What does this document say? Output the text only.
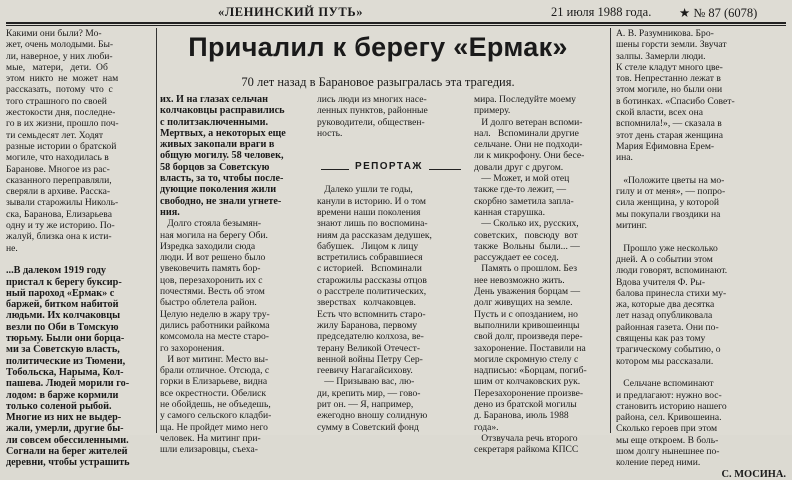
«ЛЕНИНСКИЙ ПУТЬ»	21 июля 1988 года. ★ № 87 (6078)

Какими они были? Мо-

жет, очень молодыми. Бы-

ли, наверное, у них люби-

мые,   матери,   дети.  Об

этом  никто  не  может  нам

рассказать,  потому  что  с

того страшного по своей

жестокости дня, последне-

го в их жизни, прошло поч-

ти семьдесят лет. Ходят

разные истории о братской

могиле, что находилась в

Баранове. Многое из рас-

сказанного переправляли,

сверяли в архиве. Расска-

зывали старожилы Николь-

ска, Баранова, Елизарьева

одну и ту же историю. По-

жалуй, близка она к исти-

не.

...В далеком 1919 году

пристал к берегу буксир-

ный пароход «Ермак» с

баржей, битком набитой

людьми. Их колчаковцы

везли по Оби в Томскую

тюрьму. Были они борца-

ми за Советскую власть,

политические из Тюмени,

Тобольска, Нарыма, Кол-

пашева. Людей морили го-

лодом: в барже кормили

только соленой рыбой.

Многие из них не выдер-

жали, умерли, другие бы-

ли совсем обессиленными.

Согнали на берег жителей

деревни, чтобы устрашить

Причалил к берегу «Ермак»
70 лет назад в Барановое разыгралась эта трагедия.

их. И на глазах сельчан

колчаковцы расправились

с политзаключенными.

Мертвых, а некоторых еще

живых закопали враги в

общую могилу. 58 человек,

58 борцов за Советскую

власть, за то, чтобы после-

дующие поколения жили

свободно, не знали угнете-

ния.

Долго стояла безымян-

ная могила на берегу Оби.

Изредка заходили сюда

люди. И вот решено было

увековечить память бор-

цов, перезахоронить их с

почестями. Весть об этом

быстро облетела район.

Целую неделю в жару тру-

дились работники райкома

комсомола на месте старо-

го захоронения.

И вот митинг. Место вы-

брали отличное. Отсюда, с

горки в Елизарьеве, видна

все окрестности. Обелиск

не обойдешь, не объедешь,

у самого сельского кладби-

ща. Не пройдет мимо него

человек. На митинг при-

шли елизаровцы, съеха-

лись люди из многих насе-

ленных пунктов, районные

руководители, обществен-

ность.

Далеко ушли те годы,

канули в историю. И о том

времени наши поколения

знают лишь по воспомина-

ниям да рассказам дедушек,

бабушек.   Лицом к лицу

встретились собравшиеся

с историей.   Вспоминали

старожилы рассказы отцов

о расстреле политических,

зверствах   колчаковцев.

Есть что вспомнить старо-

жилу Баранова, первому

председателю колхоза, ве-

терану Великой Отечест-

венной войны Петру Сер-

геевичу Нагагайсихову.

— Призываю вас, лю-

ди, крепить мир, — гово-

рит он. — Я, например,

ежегодно вношу солидную

сумму в Советский фонд

РЕПОРТАЖ

мира. Последуйте моему

примеру.

И долго ветеран вспоми-

нал.   Вспоминали другие

сельчане. Они не подходи-

ли к микрофону. Они бесе-

довали друг с другом.

— Может, и мой отец

также где-то лежит, —

скорбно заметила запла-

канная старушка.

— Сколько их, русских,

советских,   повсюду  вот

также  Вольны  были... —

рассуждает ее сосед.

Память о прошлом. Без

нее невозможно жить.

День уважения борцам —

долг живущих на земле.

Пусть и с опозданием, но

выполнили кривошеинцы

свой долг, произведя пере-

захоронение. Поставили на

могиле скромную стелу с

надписью: «Борцам, погиб-

шим от колчаковских рук.

Перезахоронение произве-

дено из братской могилы

д. Баранова, июль 1988

года».

Отзвучала речь второго

секретаря райкома КПСС

А. В. Разумникова. Бро-

шены горсти земли. Звучат

залпы. Замерли люди.

К стеле кладут много цве-

тов. Непрестанно лежат в

этом могиле, но были они

в ботинках. «Спасибо Совет-

ской власти, всех она

вспомнила!», — сказала в

этот день старая женщина

Мария Ефимовна Ерем-

ина.

«Положите цветы на мо-

гилу и от меня», — попро-

сила женщина, у которой

мы покупали гвоздики на

митинг.

Прошло уже несколько

дней. А о событии этом

люди говорят, вспоминают.

Вдова учителя Ф. Ры-

балова принесла стихи му-

жа, которые два десятка

лет назад опубликовала

районная газета. Они по-

священы как раз тому

трагическому событию, о

котором мы рассказали.

Сельчане вспоминают

и предлагают: нужно вос-

становить историю нашего

района, сел. Кривошеина.

Сколько героев при этом

мы еще откроем. В боль-

шом долгу нынешнее по-

коление перед ними.

С. МОСИНА.
